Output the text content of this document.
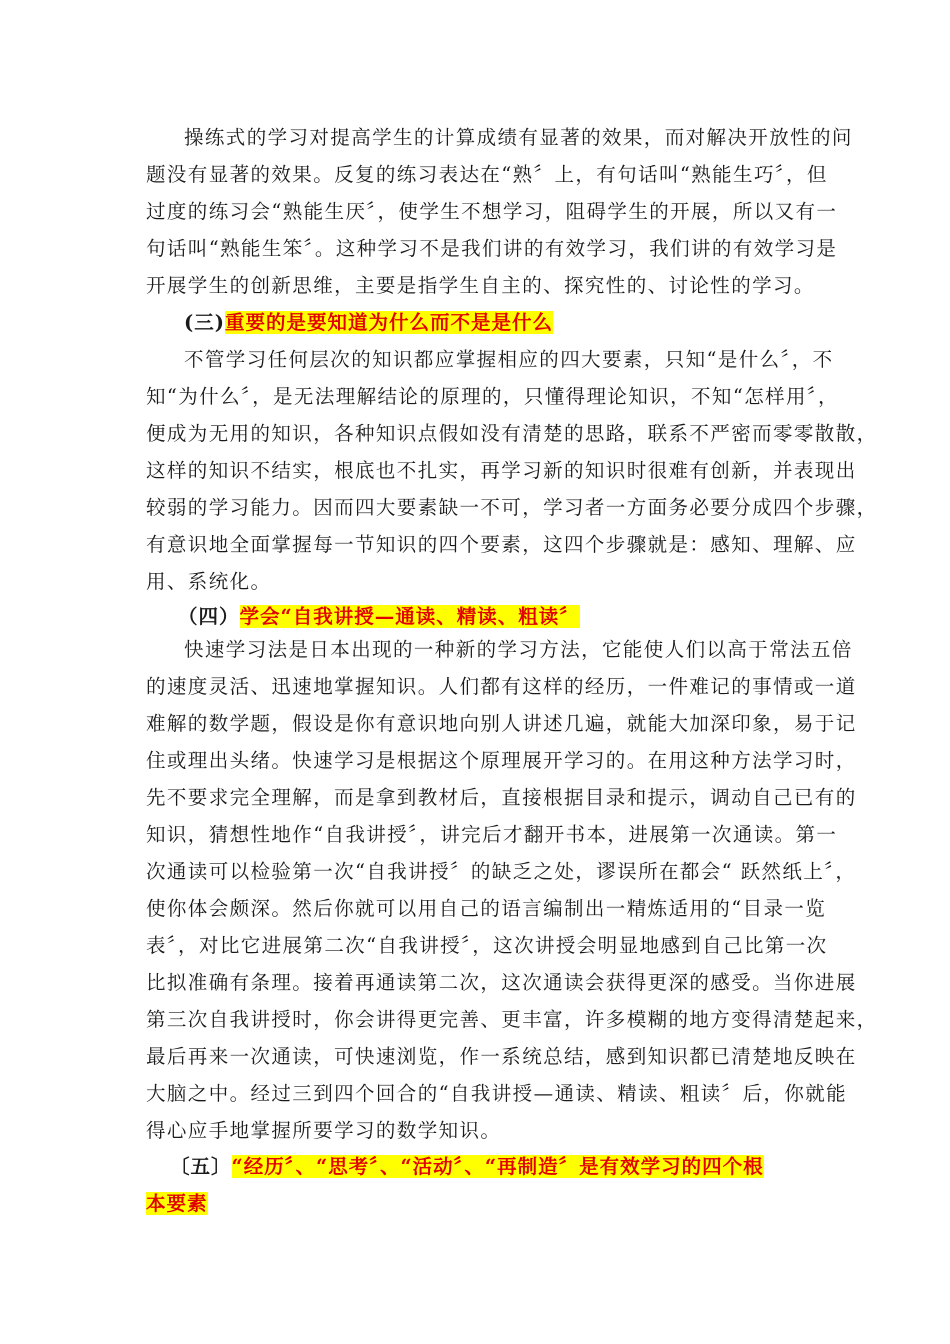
操练式的学习对提高学生的计算成绩有显著的效果，而对解决开放性的问
题没有显著的效果。反复的练习表达在“熟〞上，有句话叫“熟能生巧〞，但
过度的练习会“熟能生厌〞，使学生不想学习，阻碍学生的开展，所以又有一
句话叫“熟能生笨〞。这种学习不是我们讲的有效学习，我们讲的有效学习是
开展学生的创新思维，主要是指学生自主的、探究性的、讨论性的学习。
(三)重要的是要知道为什么而不是是什么
不管学习任何层次的知识都应掌握相应的四大要素，只知“是什么〞，不
知“为什么〞，是无法理解结论的原理的，只懂得理论知识，不知“怎样用〞，
便成为无用的知识，各种知识点假如没有清楚的思路，联系不严密而零零散散，
这样的知识不结实，根底也不扎实，再学习新的知识时很难有创新，并表现出
较弱的学习能力。因而四大要素缺一不可，学习者一方面务必要分成四个步骤，
有意识地全面掌握每一节知识的四个要素，这四个步骤就是：感知、理解、应
用、系统化。
（四）学会“自我讲授—通读、精读、粗读〞
快速学习法是日本出现的一种新的学习方法，它能使人们以高于常法五倍
的速度灵活、迅速地掌握知识。人们都有这样的经历，一件难记的事情或一道
难解的数学题，假设是你有意识地向别人讲述几遍，就能大加深印象，易于记
住或理出头绪。快速学习是根据这个原理展开学习的。在用这种方法学习时，
先不要求完全理解，而是拿到教材后，直接根据目录和提示，调动自己已有的
知识，猜想性地作“自我讲授〞，讲完后才翻开书本，进展第一次通读。第一
次通读可以检验第一次“自我讲授〞的缺乏之处，谬误所在都会“ 跃然纸上〞，
使你体会颇深。然后你就可以用自己的语言编制出一精炼适用的“目录一览
表〞，对比它进展第二次“自我讲授〞，这次讲授会明显地感到自己比第一次
比拟准确有条理。接着再通读第二次，这次通读会获得更深的感受。当你进展
第三次自我讲授时，你会讲得更完善、更丰富，许多模糊的地方变得清楚起来，
最后再来一次通读，可快速浏览，作一系统总结，感到知识都已清楚地反映在
大脑之中。经过三到四个回合的“自我讲授—通读、精读、粗读〞后，你就能
得心应手地掌握所要学习的数学知识。
〔五〕“经历〞、“思考〞、“活动〞、“再制造〞是有效学习的四个根
本要素
